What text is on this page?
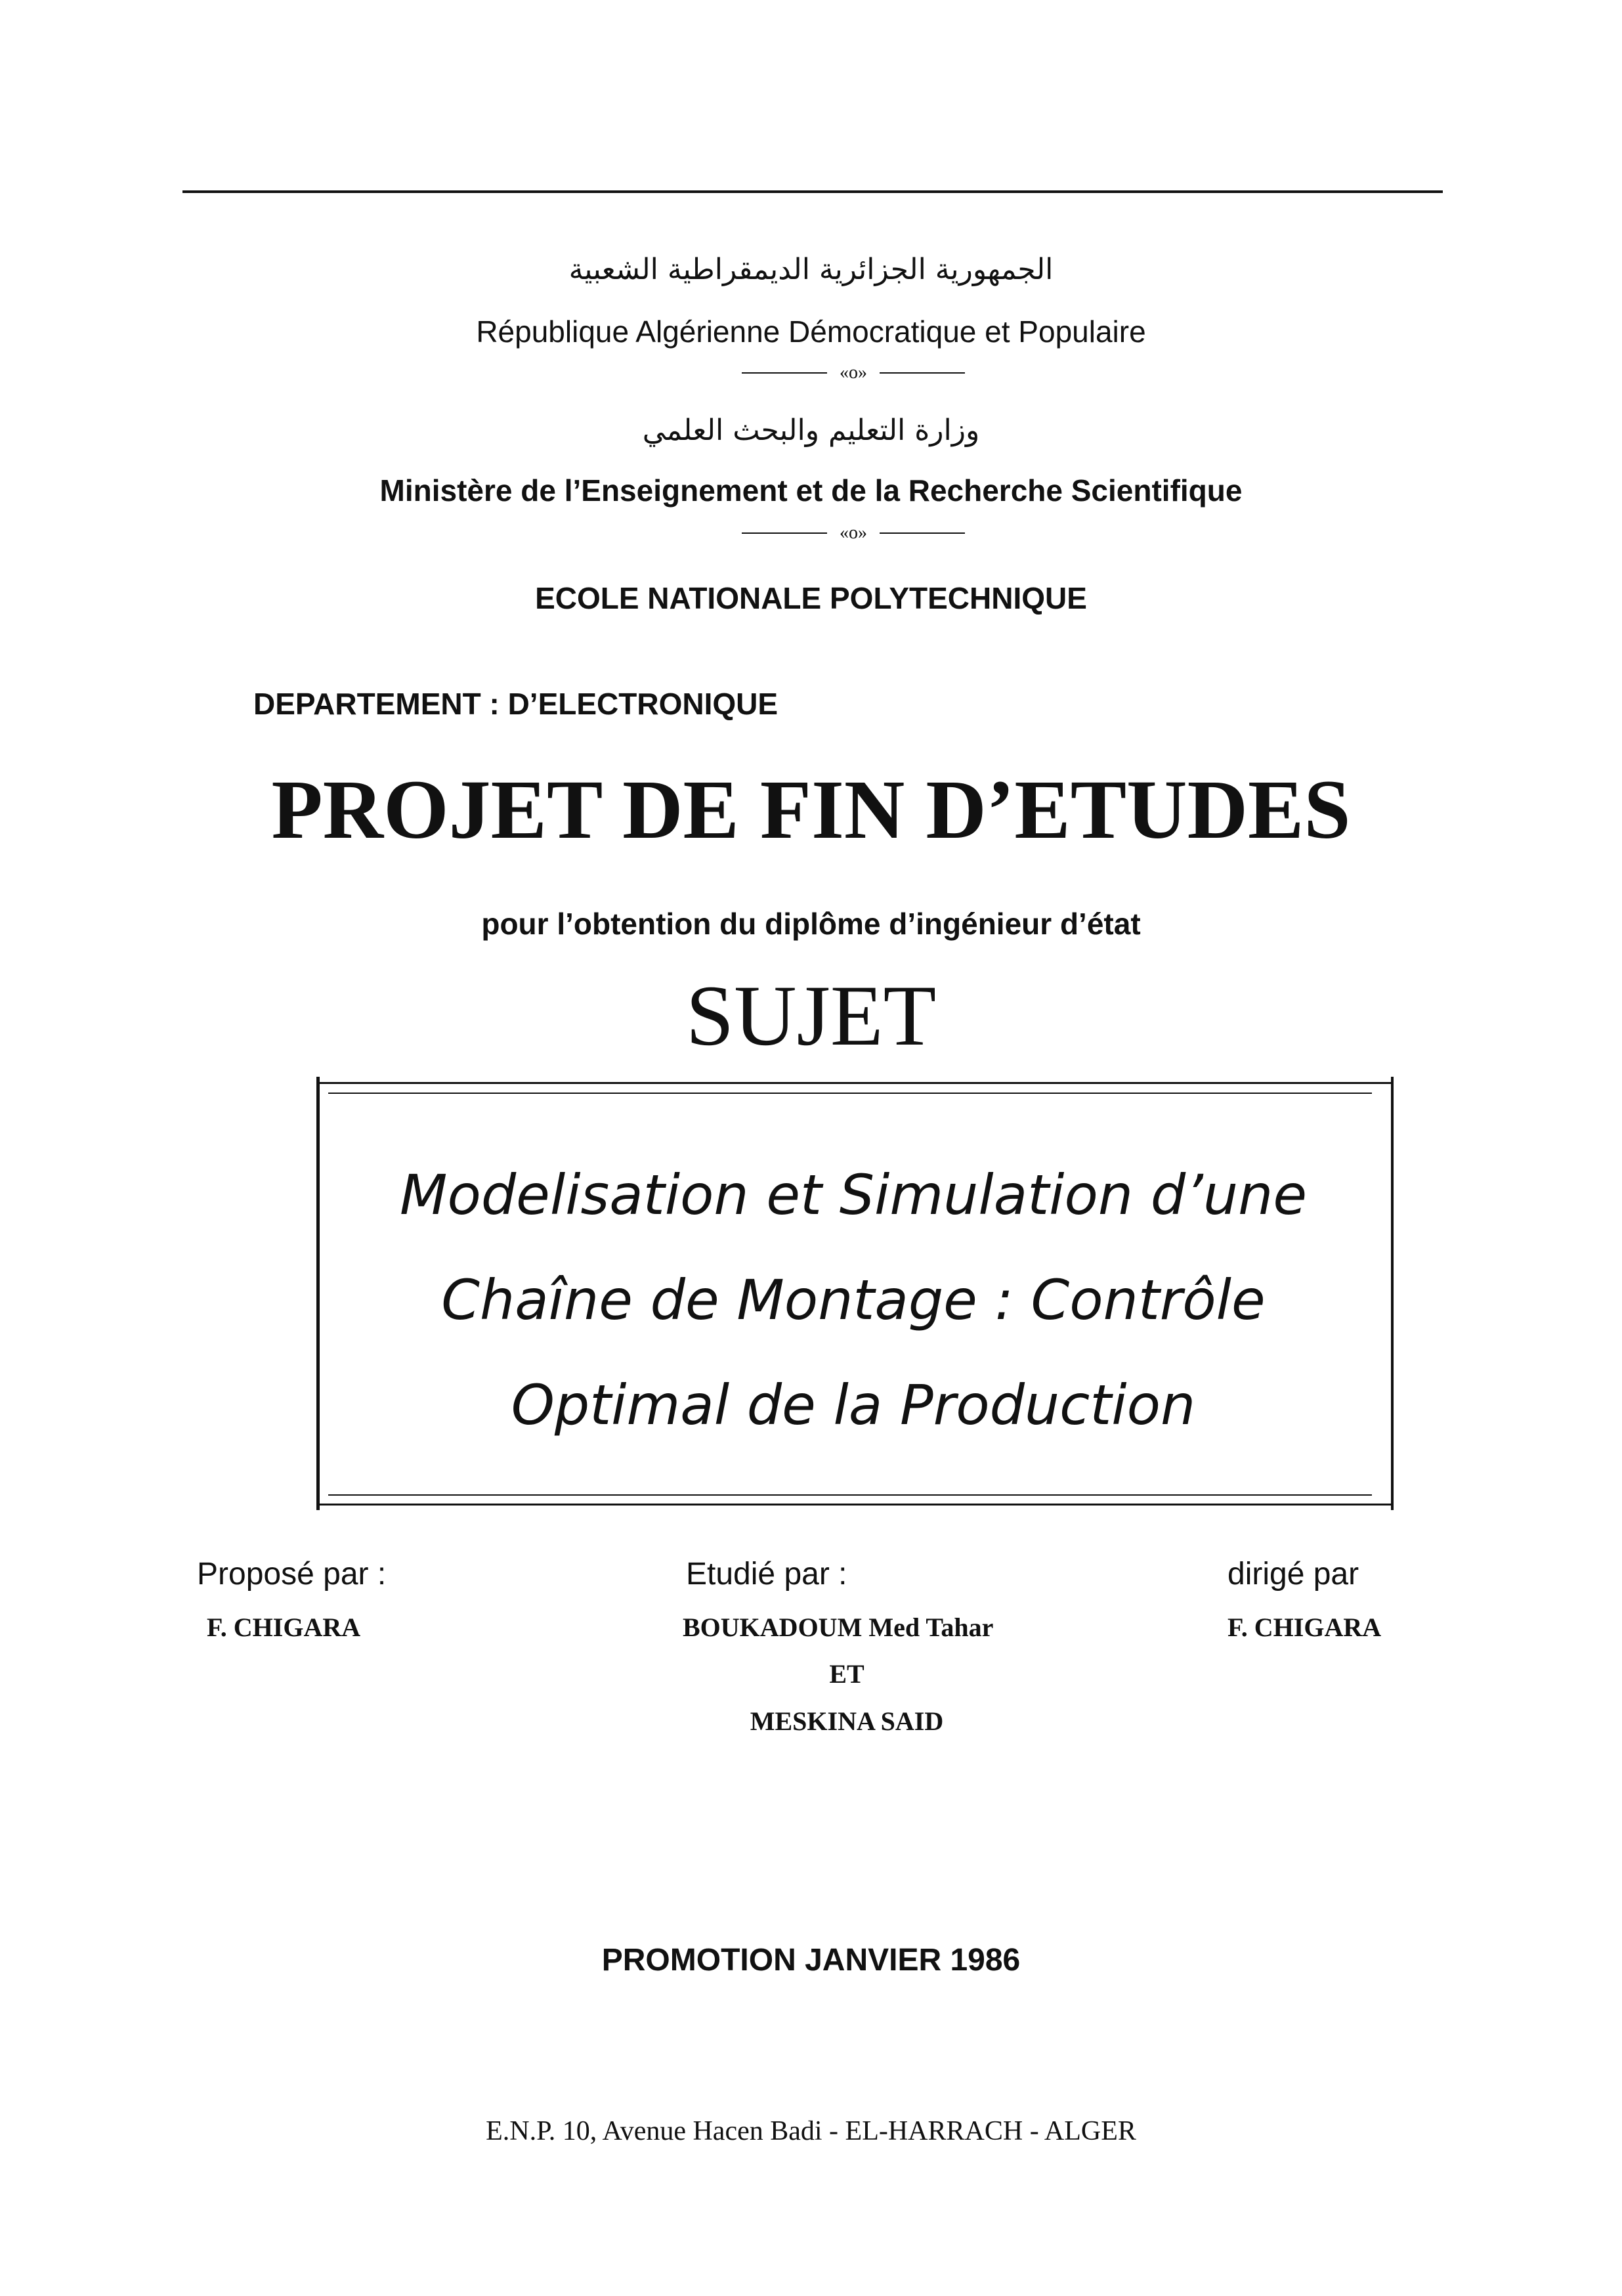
الجمهورية الجزائرية الديمقراطية الشعبية
République Algérienne Démocratique et Populaire
«o»
وزارة التعليم والبحث العلمي
Ministère de l’Enseignement et de la Recherche Scientifique
«o»
ECOLE NATIONALE POLYTECHNIQUE
DEPARTEMENT : D’ELECTRONIQUE
PROJET DE FIN D’ETUDES
pour l’obtention du diplôme d’ingénieur d’état
SUJET
Modelisation et Simulation d’une
Chaîne de Montage : Contrôle
Optimal de la Production
Proposé par :
F. CHIGARA
Etudié par :
BOUKADOUM Med Tahar
ET
MESKINA SAID
dirigé par
F. CHIGARA
PROMOTION JANVIER 1986
E.N.P. 10, Avenue Hacen Badi - EL-HARRACH - ALGER
